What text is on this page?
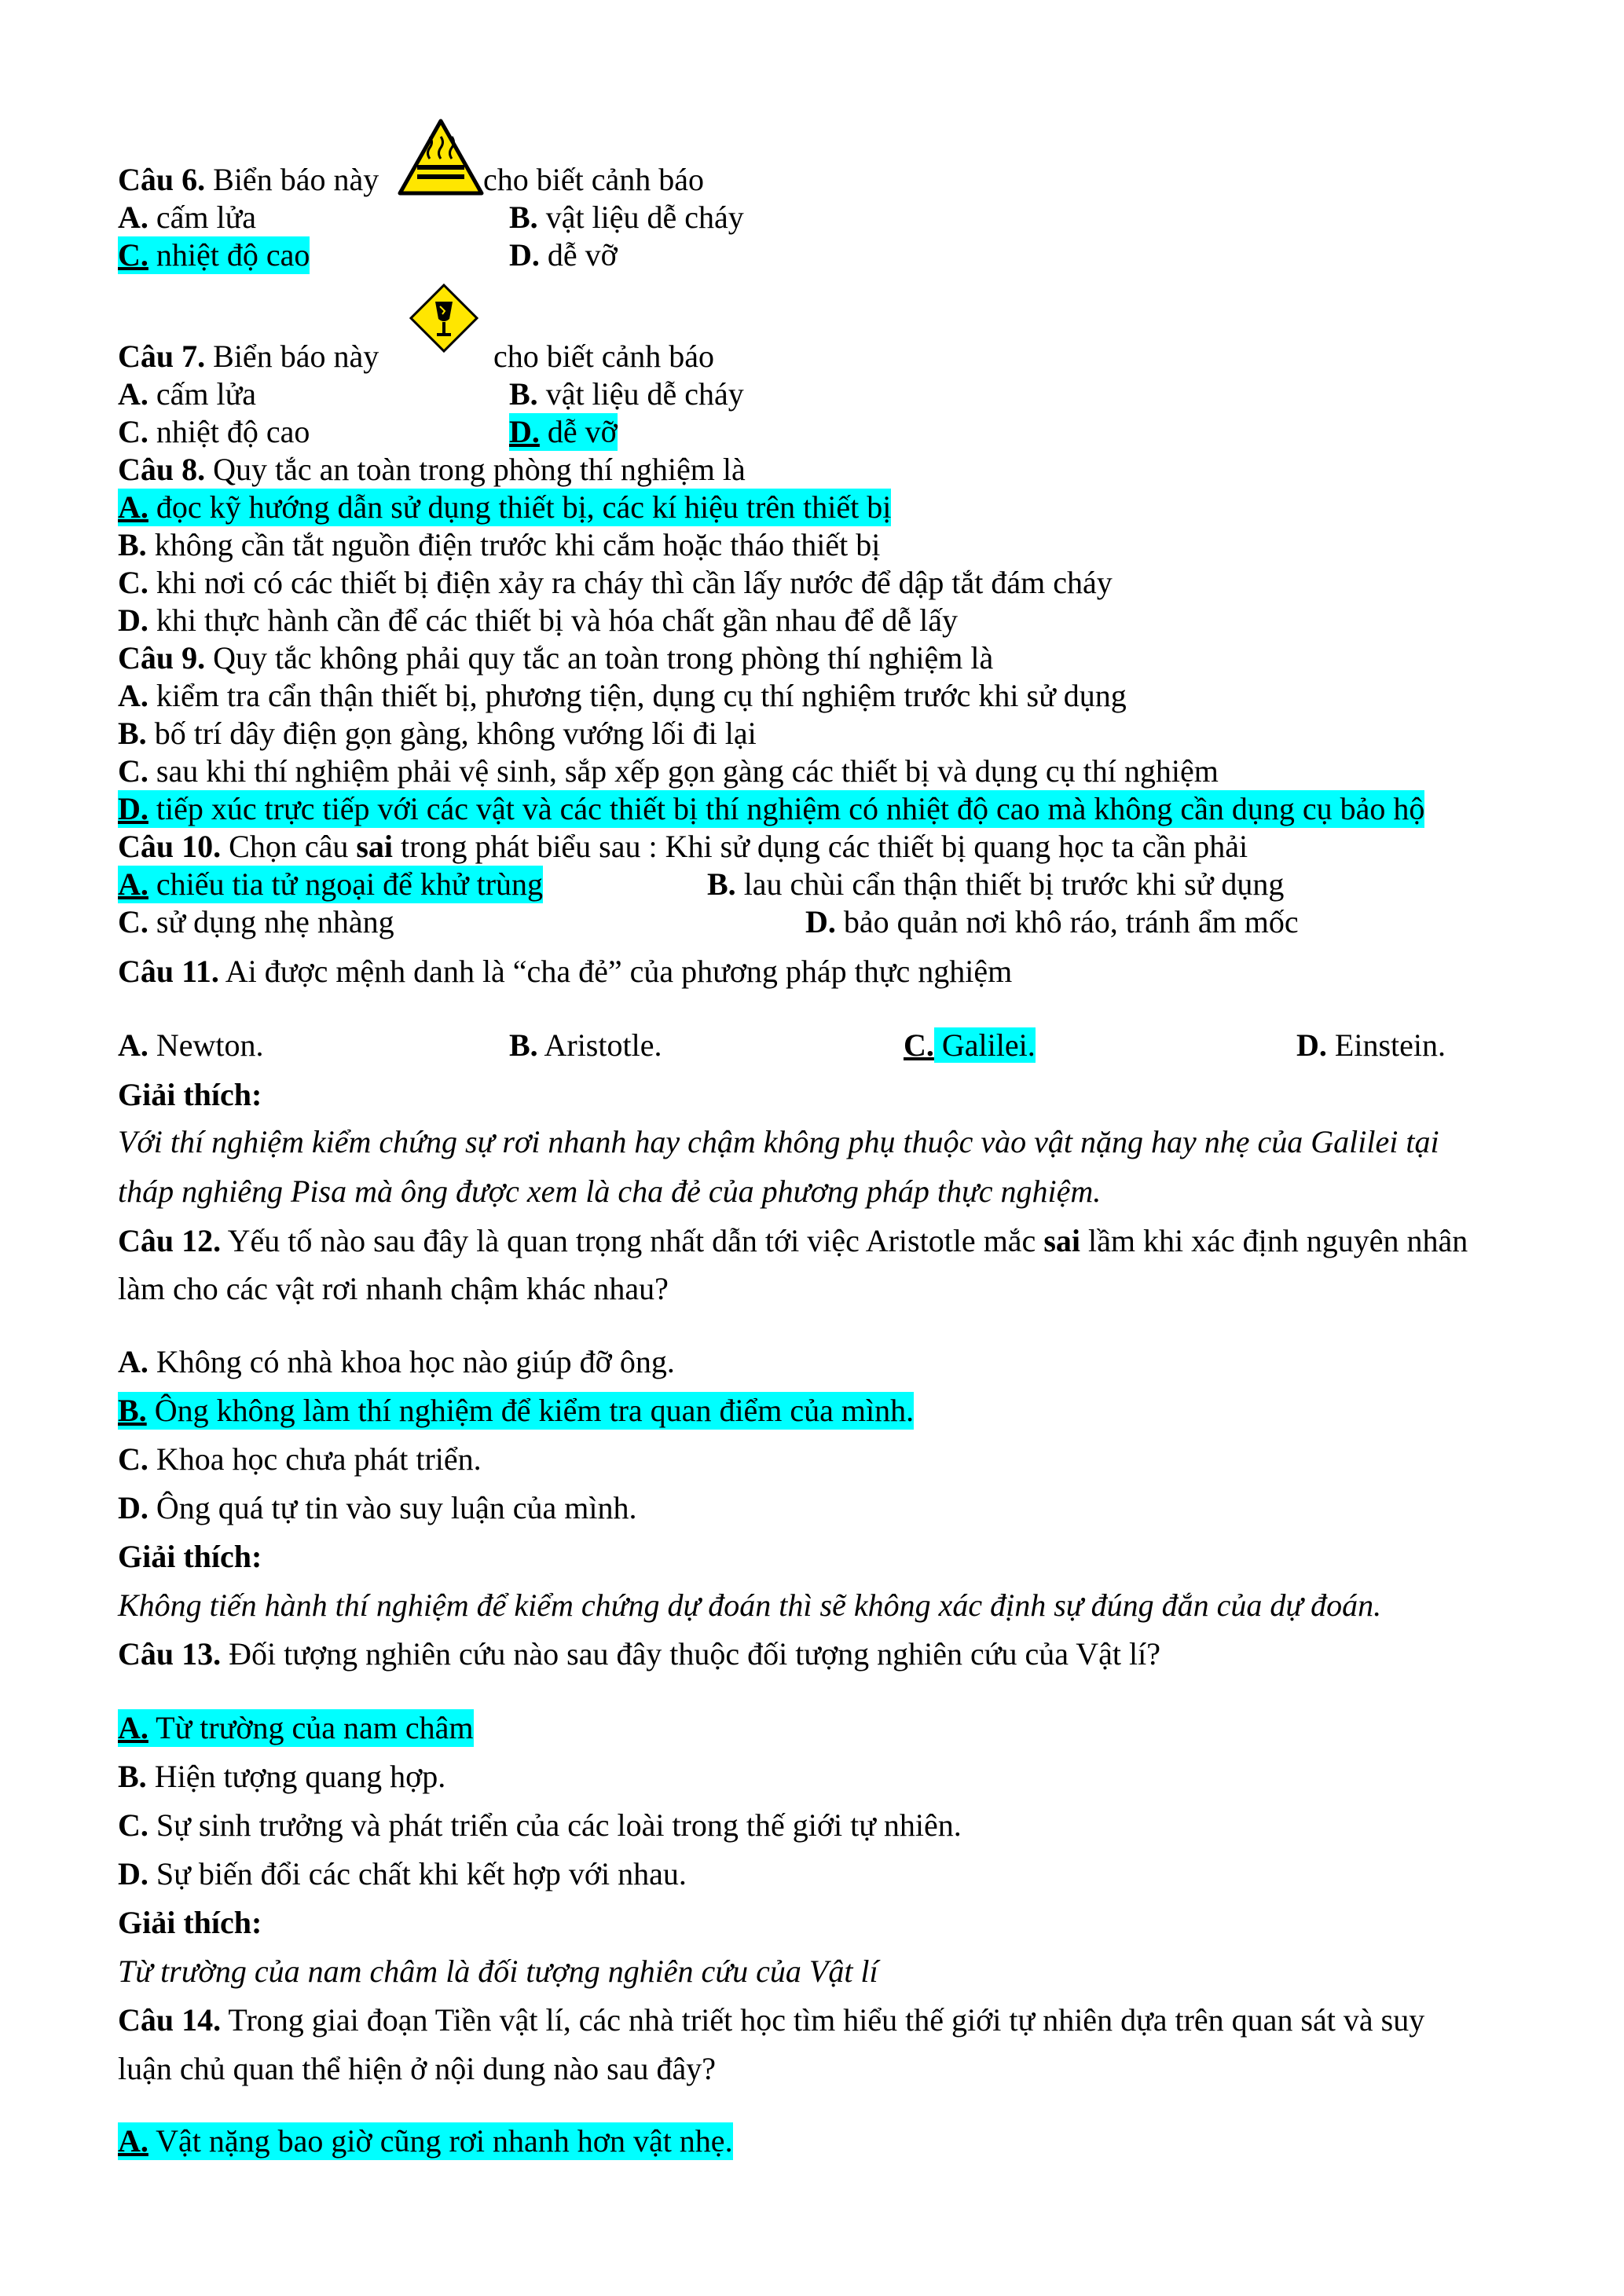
Câu 6. Biển báo này	cho biết cảnh báo
A. cấm lửa	B. vật liệu dễ cháy
C. nhiệt độ cao	D. dễ vỡ
Câu 7. Biển báo này	cho biết cảnh báo
A. cấm lửa	B. vật liệu dễ cháy
C. nhiệt độ cao	D. dễ vỡ
Câu 8. Quy tắc an toàn trong phòng thí nghiệm là
A. đọc kỹ hướng dẫn sử dụng thiết bị, các kí hiệu trên thiết bị
B. không cần tắt nguồn điện trước khi cắm hoặc tháo thiết bị
C. khi nơi có các thiết bị điện xảy ra cháy thì cần lấy nước để dập tắt đám cháy
D. khi thực hành cần để các thiết bị và hóa chất gần nhau để dễ lấy
Câu 9. Quy tắc không phải quy tắc an toàn trong phòng thí nghiệm là
A. kiểm tra cẩn thận thiết bị, phương tiện, dụng cụ thí nghiệm trước khi sử dụng
B. bố trí dây điện gọn gàng, không vướng lối đi lại
C. sau khi thí nghiệm phải vệ sinh, sắp xếp gọn gàng các thiết bị và dụng cụ thí nghiệm
D. tiếp xúc trực tiếp với các vật và các thiết bị thí nghiệm có nhiệt độ cao mà không cần dụng cụ bảo hộ
Câu 10. Chọn câu sai trong phát biểu sau : Khi sử dụng các thiết bị quang học ta cần phải
A. chiếu tia tử ngoại để khử trùng	B. lau chùi cẩn thận thiết bị trước khi sử dụng
C. sử dụng nhẹ nhàng	D. bảo quản nơi khô ráo, tránh ẩm mốc
Câu 11. Ai được mệnh danh là “cha đẻ” của phương pháp thực nghiệm
A. Newton.	B. Aristotle.	C. Galilei.	D. Einstein.
Giải thích:
Với thí nghiệm kiểm chứng sự rơi nhanh hay chậm không phụ thuộc vào vật nặng hay nhẹ của Galilei tại
tháp nghiêng Pisa mà ông được xem là cha đẻ của phương pháp thực nghiệm.
Câu 12. Yếu tố nào sau đây là quan trọng nhất dẫn tới việc Aristotle mắc sai lầm khi xác định nguyên nhân
làm cho các vật rơi nhanh chậm khác nhau?
A. Không có nhà khoa học nào giúp đỡ ông.
B. Ông không làm thí nghiệm để kiểm tra quan điểm của mình.
C. Khoa học chưa phát triển.
D. Ông quá tự tin vào suy luận của mình.
Giải thích:
Không tiến hành thí nghiệm để kiểm chứng dự đoán thì sẽ không xác định sự đúng đắn của dự đoán.
Câu 13. Đối tượng nghiên cứu nào sau đây thuộc đối tượng nghiên cứu của Vật lí?
A. Từ trường của nam châm
B. Hiện tượng quang hợp.
C. Sự sinh trưởng và phát triển của các loài trong thế giới tự nhiên.
D. Sự biến đổi các chất khi kết hợp với nhau.
Giải thích:
Từ trường của nam châm là đối tượng nghiên cứu của Vật lí
Câu 14. Trong giai đoạn Tiền vật lí, các nhà triết học tìm hiểu thế giới tự nhiên dựa trên quan sát và suy
luận chủ quan thể hiện ở nội dung nào sau đây?
A. Vật nặng bao giờ cũng rơi nhanh hơn vật nhẹ.
